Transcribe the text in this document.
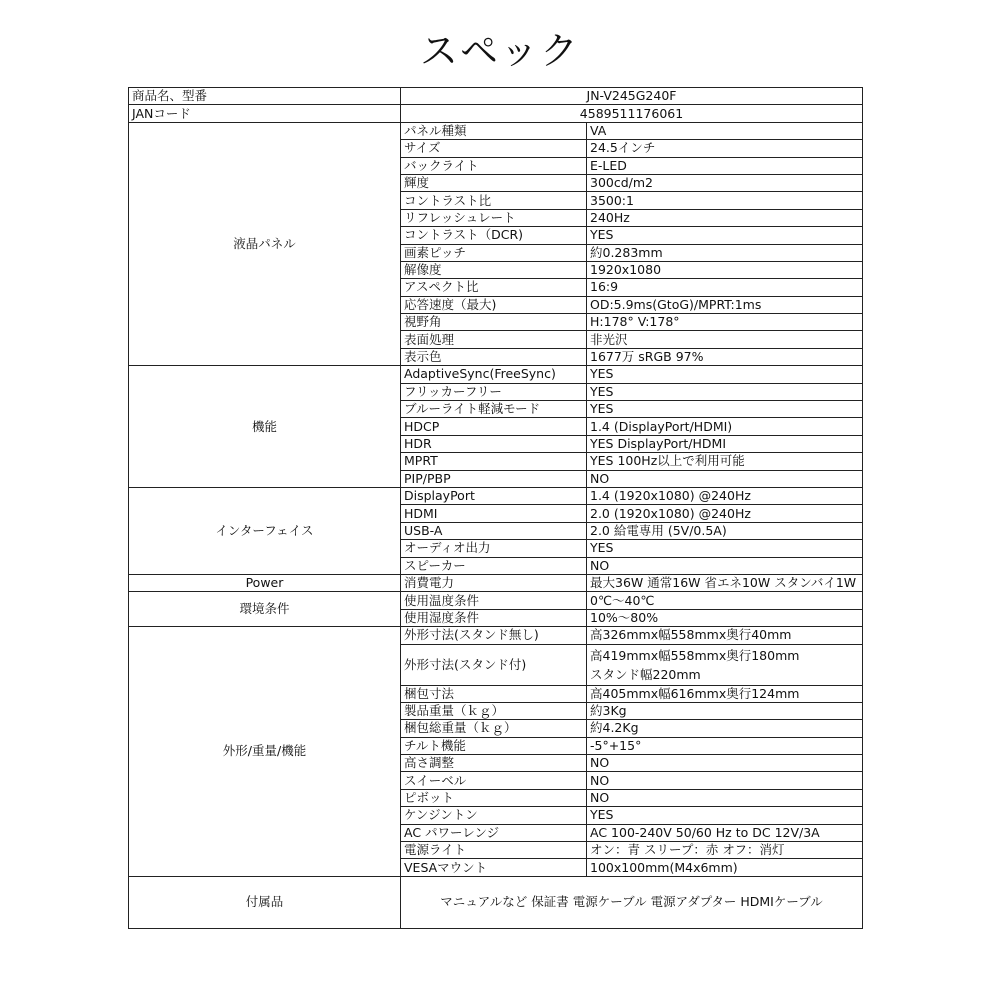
スペック
商品名、型番	JN-V245G240F	
JANコード	4589511176061	
液晶パネル	パネル種類	VA
	サイズ	24.5インチ
	バックライト	E-LED
	輝度	300cd/m2
	コントラスト比	3500:1
	リフレッシュレート	240Hz
	コントラスト（DCR)	YES
	画素ピッチ	約0.283mm
	解像度	1920x1080
	アスペクト比	16:9
	応答速度（最大)	OD:5.9ms(GtoG)/MPRT:1ms
	視野角	H:178° V:178°
	表面処理	非光沢
	表示色	1677万 sRGB 97%
機能	AdaptiveSync(FreeSync)	YES
	フリッカーフリー	YES
	ブルーライト軽減モード	YES
	HDCP	1.4 (DisplayPort/HDMI)
	HDR	YES DisplayPort/HDMI
	MPRT	YES 100Hz以上で利用可能
	PIP/PBP	NO
インターフェイス	DisplayPort	1.4 (1920x1080) @240Hz
	HDMI	2.0 (1920x1080) @240Hz
	USB-A	2.0 給電専用 (5V/0.5A)
	オーディオ出力	YES
	スピーカー	NO
Power	消費電力	最大36W 通常16W 省エネ10W スタンバイ1W
環境条件	使用温度条件	0℃～40℃
	使用湿度条件	10%～80%
外形/重量/機能	外形寸法(スタンド無し)	高326mmx幅558mmx奥行40mm
	外形寸法(スタンド付)	高419mmx幅558mmx奥行180mm
スタンド幅220mm

	梱包寸法	高405mmx幅616mmx奥行124mm
	製品重量（ｋｇ）	約3Kg
	梱包総重量（ｋｇ）	約4.2Kg
	チルト機能	-5°+15°
	高さ調整	NO
	スイーベル	NO
	ピボット	NO
	ケンジントン	YES
	AC パワーレンジ	AC 100-240V 50/60 Hz to DC 12V/3A
	電源ライト	オン：青 スリープ：赤 オフ：消灯
	VESAマウント	100x100mm(M4x6mm)
付属品	マニュアルなど 保証書 電源ケーブル 電源アダプター HDMIケーブル	
